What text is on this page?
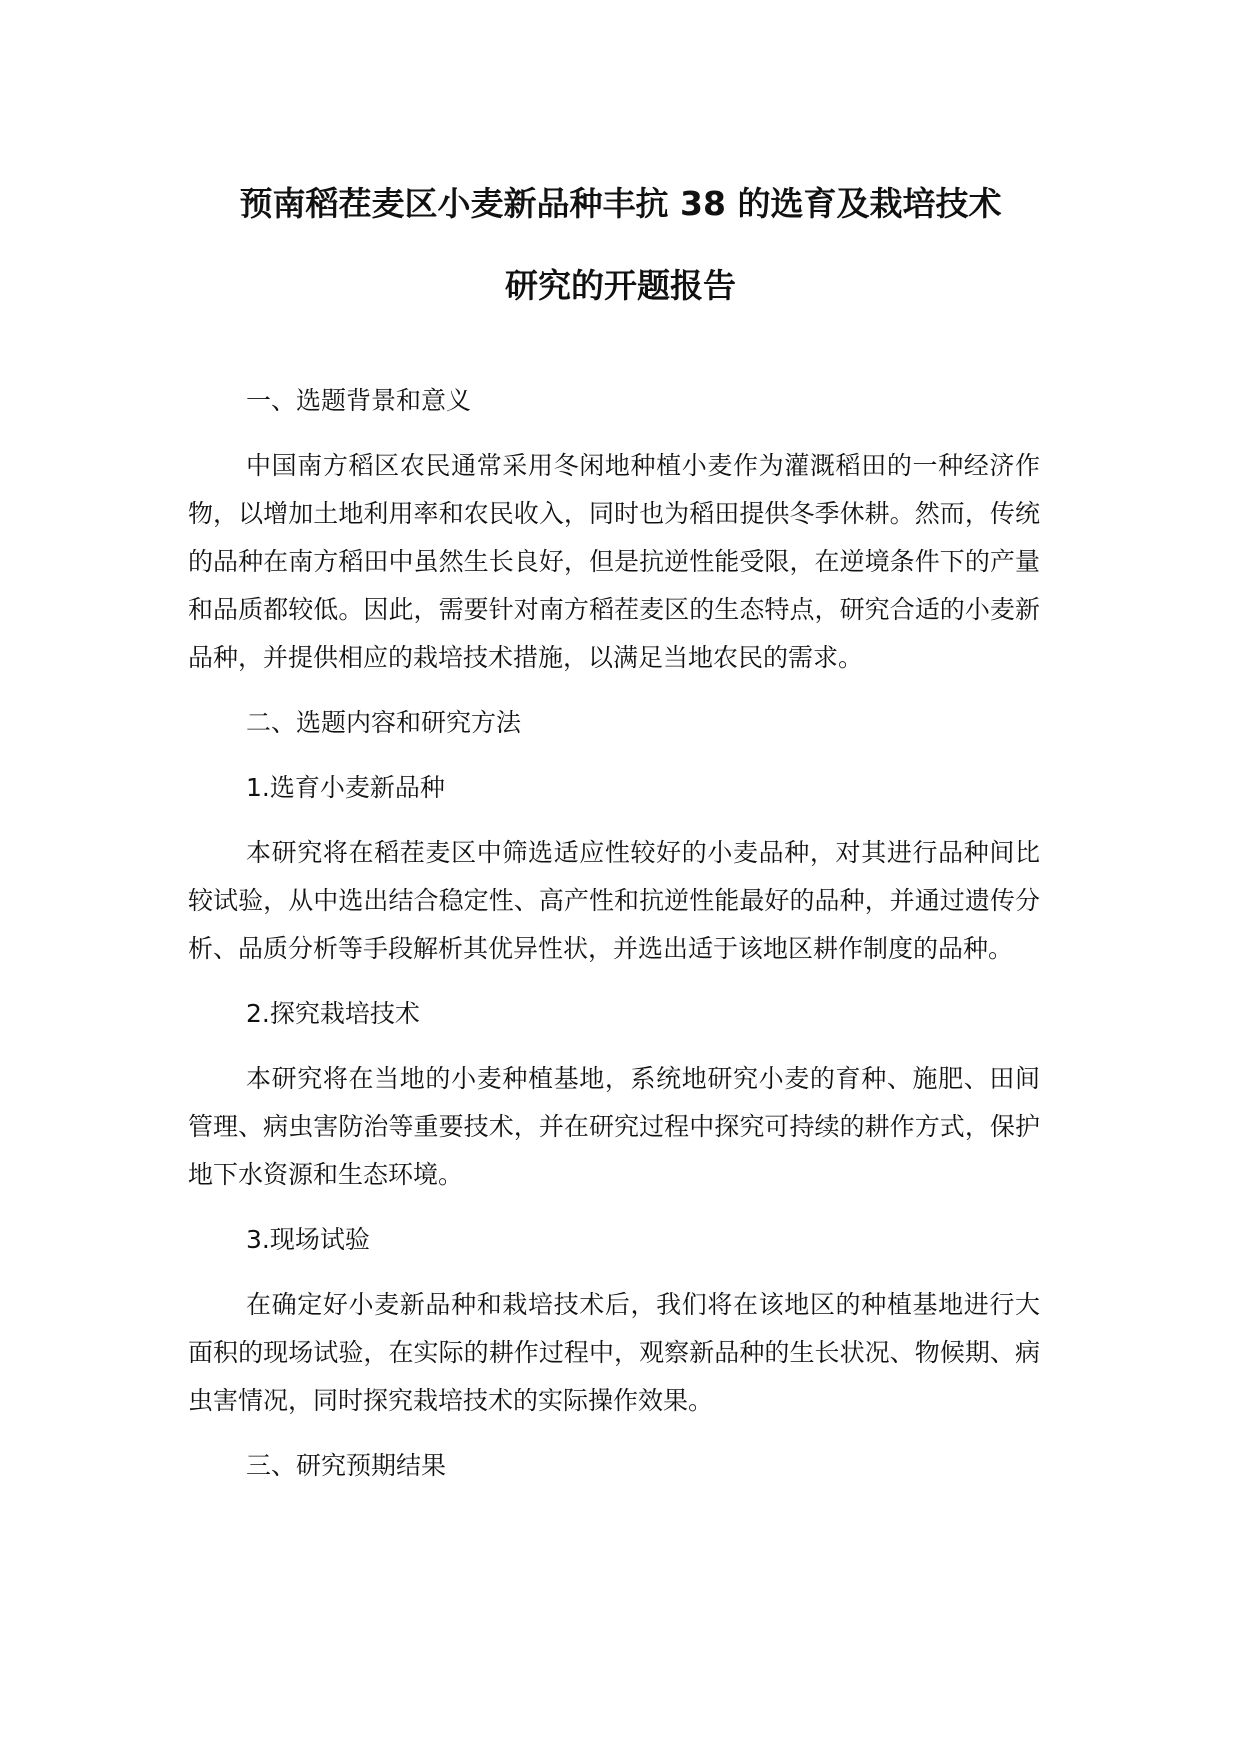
预南稻茬麦区小麦新品种丰抗 38 的选育及栽培技术
研究的开题报告

一、选题背景和意义

中国南方稻区农民通常采用冬闲地种植小麦作为灌溉稻田的一种经济作物，以增加土地利用率和农民收入，同时也为稻田提供冬季休耕。然而，传统的品种在南方稻田中虽然生长良好，但是抗逆性能受限，在逆境条件下的产量和品质都较低。因此，需要针对南方稻茬麦区的生态特点，研究合适的小麦新品种，并提供相应的栽培技术措施，以满足当地农民的需求。

二、选题内容和研究方法

1.选育小麦新品种

本研究将在稻茬麦区中筛选适应性较好的小麦品种，对其进行品种间比较试验，从中选出结合稳定性、高产性和抗逆性能最好的品种，并通过遗传分析、品质分析等手段解析其优异性状，并选出适于该地区耕作制度的品种。

2.探究栽培技术

本研究将在当地的小麦种植基地，系统地研究小麦的育种、施肥、田间管理、病虫害防治等重要技术，并在研究过程中探究可持续的耕作方式，保护地下水资源和生态环境。

3.现场试验

在确定好小麦新品种和栽培技术后，我们将在该地区的种植基地进行大面积的现场试验，在实际的耕作过程中，观察新品种的生长状况、物候期、病虫害情况，同时探究栽培技术的实际操作效果。

三、研究预期结果
